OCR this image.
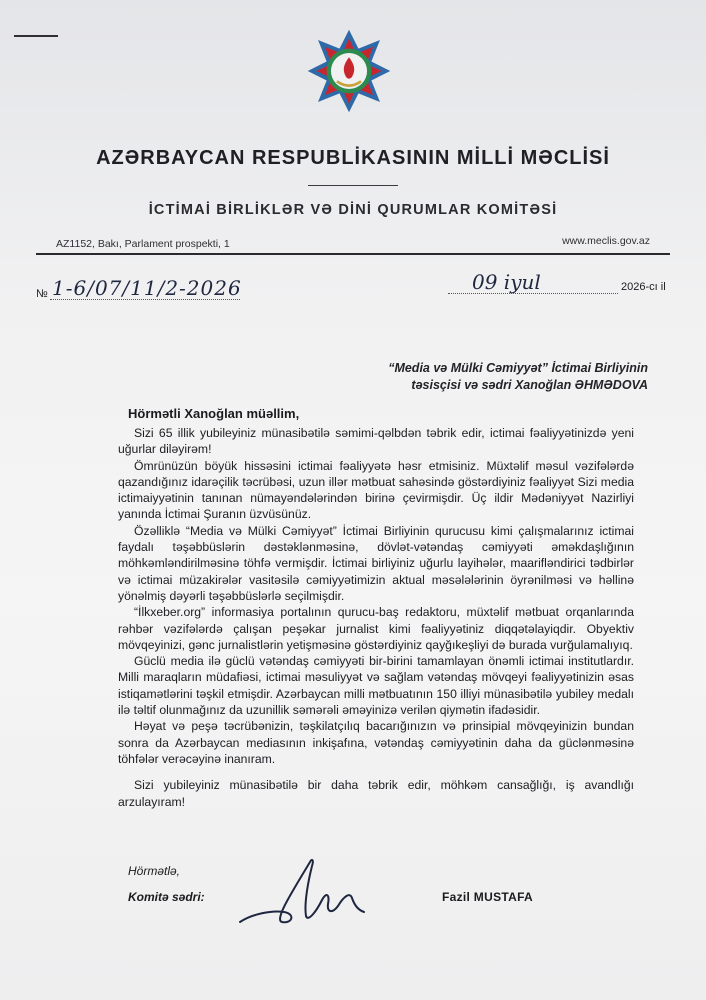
AZƏRBAYCAN RESPUBLİKASININ MİLLİ MƏCLİSİ
İCTİMAİ BİRLİKLƏR VƏ DİNİ QURUMLAR KOMİTƏSİ
AZ1152, Bakı, Parlament prospekti, 1	www.meclis.gov.az
№ 1-6/07/11/2-2026	09 iyul	2026-cı il
“Media və Mülki Cəmiyyət” İctimai Birliyinin
təsisçisi və sədri Xanoğlan ƏHMƏDOVA
Hörmətli Xanoğlan müəllim,

Sizi 65 illik yubileyiniz münasibətilə səmimi-qəlbdən təbrik edir, ictimai fəaliyyətinizdə yeni uğurlar diləyirəm!

Ömrünüzün böyük hissəsini ictimai fəaliyyətə həsr etmisiniz. Müxtəlif məsul vəzifələrdə qazandığınız idarəçilik təcrübəsi, uzun illər mətbuat sahəsində göstərdiyiniz fəaliyyət Sizi media ictimaiyyətinin tanınan nümayəndələrindən birinə çevirmişdir. Üç ildir Mədəniyyət Nazirliyi yanında İctimai Şuranın üzvüsünüz.

Özəlliklə “Media və Mülki Cəmiyyət” İctimai Birliyinin qurucusu kimi çalışmalarınız ictimai faydalı təşəbbüslərin dəstəklənməsinə, dövlət-vətəndaş cəmiyyəti əməkdaşlığının möhkəmləndirilməsinə töhfə vermişdir. İctimai birliyiniz uğurlu layihələr, maarifləndirici tədbirlər və ictimai müzakirələr vasitəsilə cəmiyyətimizin aktual məsələlərinin öyrənilməsi və həllinə yönəlmiş dəyərli təşəbbüslərlə seçilmişdir.

“İlkxeber.org” informasiya portalının qurucu-baş redaktoru, müxtəlif mətbuat orqanlarında rəhbər vəzifələrdə çalışan peşəkar jurnalist kimi fəaliyyətiniz diqqətəlayiqdir. Obyektiv mövqeyinizi, gənc jurnalistlərin yetişməsinə göstərdiyiniz qayğıkeşliyi də burada vurğulamalıyıq.

Güclü media ilə güclü vətəndaş cəmiyyəti bir-birini tamamlayan önəmli ictimai institutlardır. Milli maraqların müdafiəsi, ictimai məsuliyyət və sağlam vətəndaş mövqeyi fəaliyyətinizin əsas istiqamətlərini təşkil etmişdir. Azərbaycan milli mətbuatının 150 illiyi münasibətilə yubiley medalı ilə təltif olunmağınız da uzunillik səmərəli əməyinizə verilən qiymətin ifadəsidir.

Həyat və peşə təcrübənizin, təşkilatçılıq bacarığınızın və prinsipial mövqeyinizin bundan sonra da Azərbaycan mediasının inkişafına, vətəndaş cəmiyyətinin daha da güclənməsinə töhfələr verəcəyinə inanıram.

Sizi yubileyiniz münasibətilə bir daha təbrik edir, möhkəm cansağlığı, iş avandlığı arzulayıram!

Hörmətlə,
Komitə sədri:	Fazil MUSTAFA
